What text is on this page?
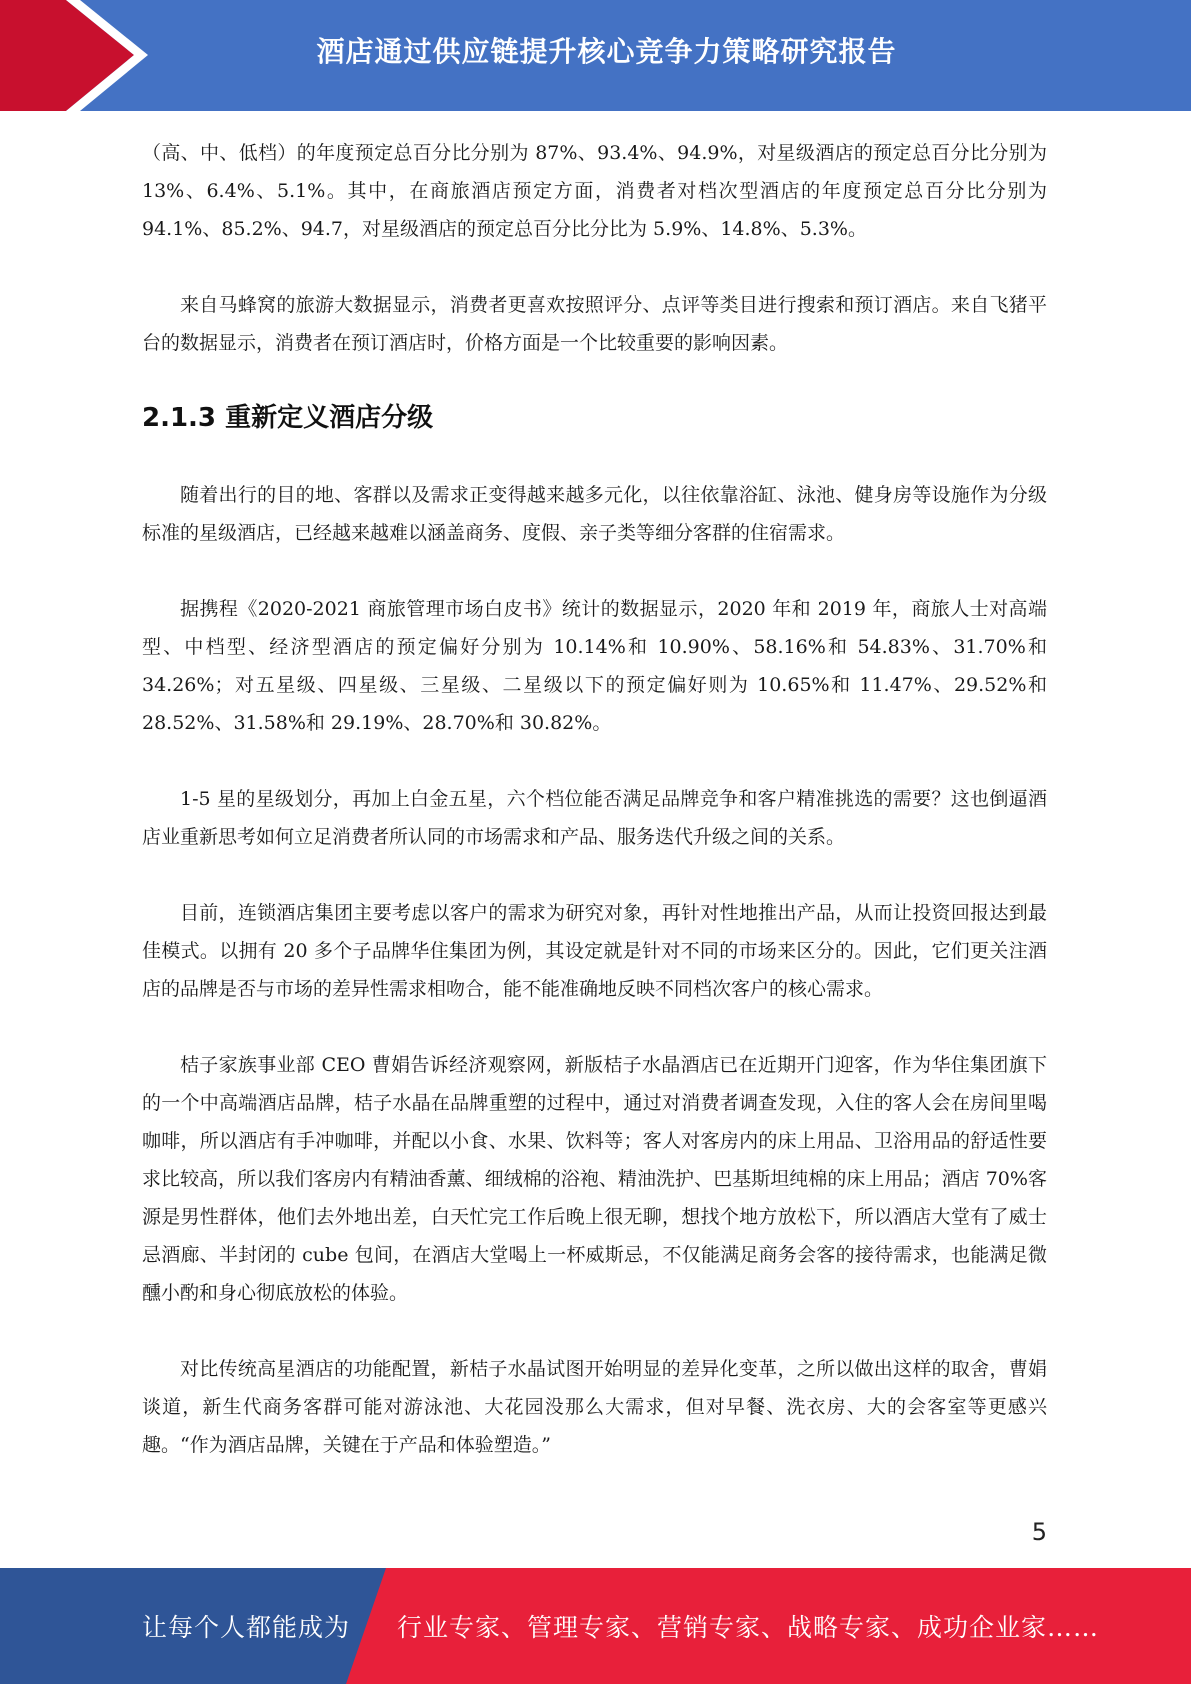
酒店通过供应链提升核心竞争力策略研究报告

（高、中、低档）的年度预定总百分比分别为 87%、93.4%、94.9%，对星级酒店的预定总百分比分别为 13%、6.4%、5.1%。其中，在商旅酒店预定方面，消费者对档次型酒店的年度预定总百分比分别为 94.1%、85.2%、94.7，对星级酒店的预定总百分比分比为 5.9%、14.8%、5.3%。

来自马蜂窝的旅游大数据显示，消费者更喜欢按照评分、点评等类目进行搜索和预订酒店。来自飞猪平台的数据显示，消费者在预订酒店时，价格方面是一个比较重要的影响因素。

2.1.3 重新定义酒店分级

随着出行的目的地、客群以及需求正变得越来越多元化，以往依靠浴缸、泳池、健身房等设施作为分级标准的星级酒店，已经越来越难以涵盖商务、度假、亲子类等细分客群的住宿需求。

据携程《2020-2021 商旅管理市场白皮书》统计的数据显示，2020 年和 2019 年，商旅人士对高端型、中档型、经济型酒店的预定偏好分别为 10.14%和 10.90%、58.16%和 54.83%、31.70%和 34.26%；对五星级、四星级、三星级、二星级以下的预定偏好则为 10.65%和 11.47%、29.52%和 28.52%、31.58%和 29.19%、28.70%和 30.82%。

1-5 星的星级划分，再加上白金五星，六个档位能否满足品牌竞争和客户精准挑选的需要？这也倒逼酒店业重新思考如何立足消费者所认同的市场需求和产品、服务迭代升级之间的关系。

目前，连锁酒店集团主要考虑以客户的需求为研究对象，再针对性地推出产品，从而让投资回报达到最佳模式。以拥有 20 多个子品牌华住集团为例，其设定就是针对不同的市场来区分的。因此，它们更关注酒店的品牌是否与市场的差异性需求相吻合，能不能准确地反映不同档次客户的核心需求。

桔子家族事业部 CEO 曹娟告诉经济观察网，新版桔子水晶酒店已在近期开门迎客，作为华住集团旗下的一个中高端酒店品牌，桔子水晶在品牌重塑的过程中，通过对消费者调查发现，入住的客人会在房间里喝咖啡，所以酒店有手冲咖啡，并配以小食、水果、饮料等；客人对客房内的床上用品、卫浴用品的舒适性要求比较高，所以我们客房内有精油香薰、细绒棉的浴袍、精油洗护、巴基斯坦纯棉的床上用品；酒店 70%客源是男性群体，他们去外地出差，白天忙完工作后晚上很无聊，想找个地方放松下，所以酒店大堂有了威士忌酒廊、半封闭的 cube 包间，在酒店大堂喝上一杯威斯忌，不仅能满足商务会客的接待需求，也能满足微醺小酌和身心彻底放松的体验。

对比传统高星酒店的功能配置，新桔子水晶试图开始明显的差异化变革，之所以做出这样的取舍，曹娟谈道，新生代商务客群可能对游泳池、大花园没那么大需求，但对早餐、洗衣房、大的会客室等更感兴趣。“作为酒店品牌，关键在于产品和体验塑造。”

5
让每个人都能成为 行业专家、管理专家、营销专家、战略专家、成功企业家……
